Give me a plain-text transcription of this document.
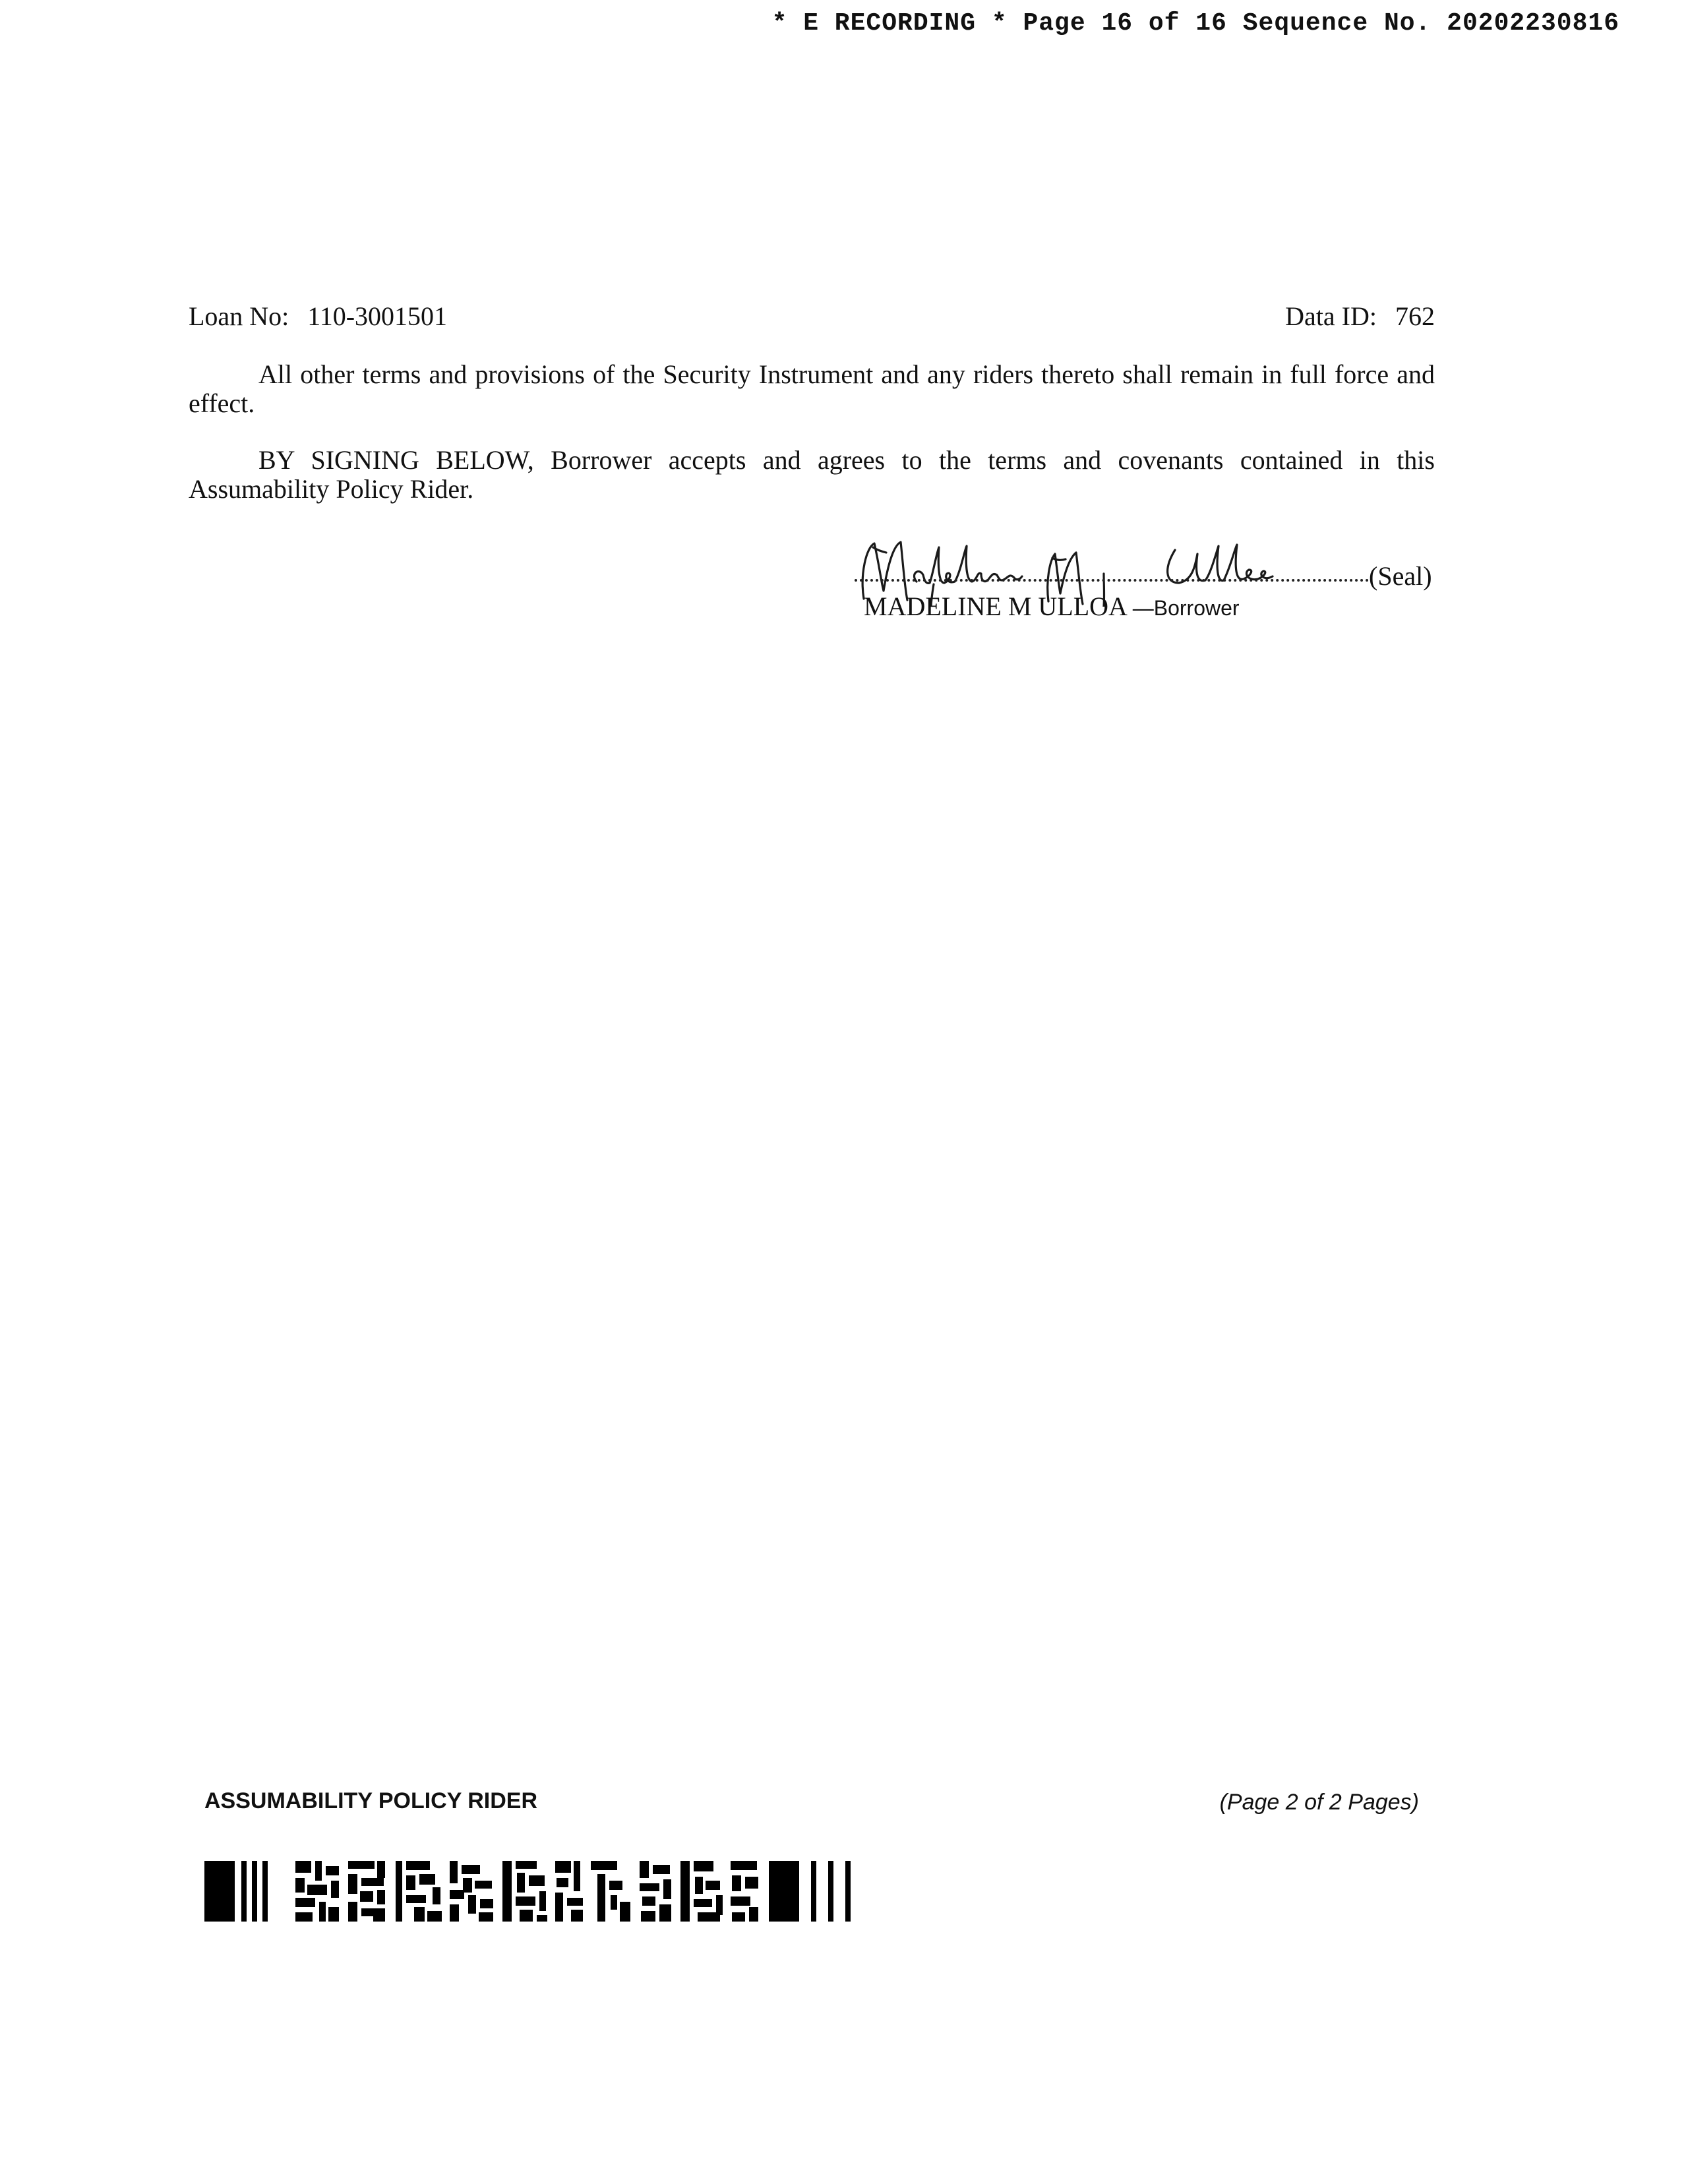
* E RECORDING * Page 16 of 16 Sequence No. 20202230816
Loan No: 110-3001501	Data ID: 762
All other terms and provisions of the Security Instrument and any riders thereto shall remain in full force and effect.
BY SIGNING BELOW, Borrower accepts and agrees to the terms and covenants contained in this Assumability Policy Rider.
(Seal)
MADELINE M ULLOA —Borrower
ASSUMABILITY POLICY RIDER	(Page 2 of 2 Pages)
